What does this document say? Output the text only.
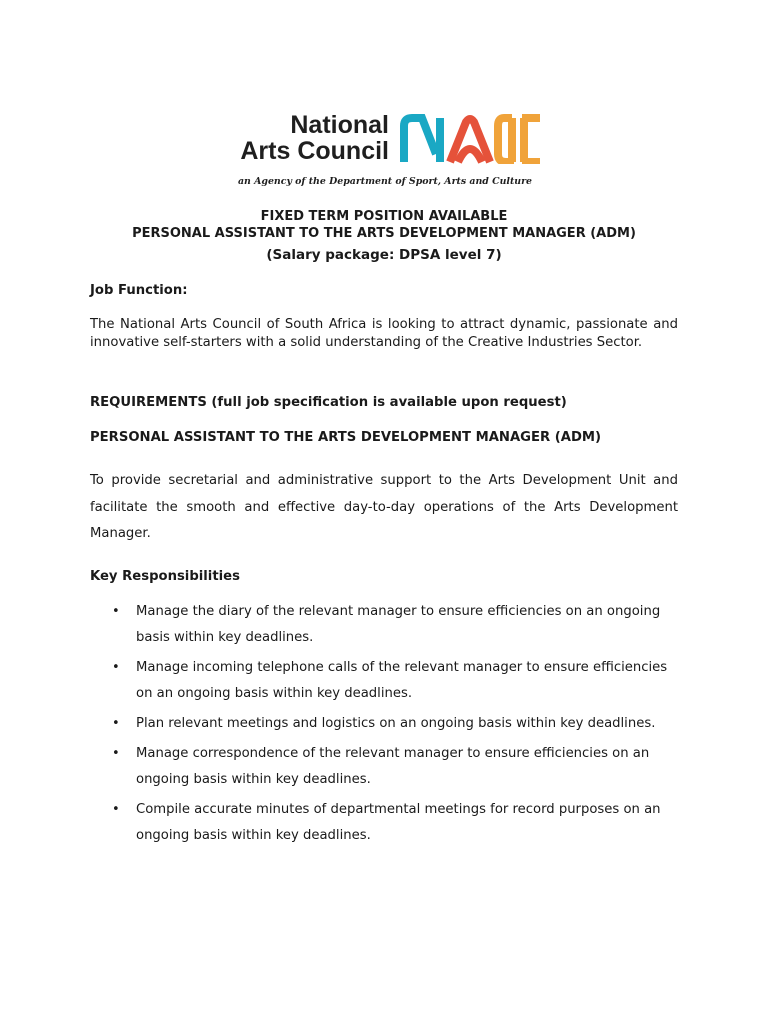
National
Arts Council
an Agency of the Department of Sport, Arts and Culture
FIXED TERM POSITION AVAILABLE
PERSONAL ASSISTANT TO THE ARTS DEVELOPMENT MANAGER (ADM)
(Salary package: DPSA level 7)
Job Function:
The National Arts Council of South Africa is looking to attract dynamic, passionate and innovative self-starters with a solid understanding of the Creative Industries Sector.
REQUIREMENTS (full job specification is available upon request)
PERSONAL ASSISTANT TO THE ARTS DEVELOPMENT MANAGER (ADM)
To provide secretarial and administrative support to the Arts Development Unit and facilitate the smooth and effective day-to-day operations of the Arts Development Manager.
Key Responsibilities
• Manage the diary of the relevant manager to ensure efficiencies on an ongoing basis within key deadlines.
• Manage incoming telephone calls of the relevant manager to ensure efficiencies on an ongoing basis within key deadlines.
• Plan relevant meetings and logistics on an ongoing basis within key deadlines.
• Manage correspondence of the relevant manager to ensure efficiencies on an ongoing basis within key deadlines.
• Compile accurate minutes of departmental meetings for record purposes on an ongoing basis within key deadlines.
